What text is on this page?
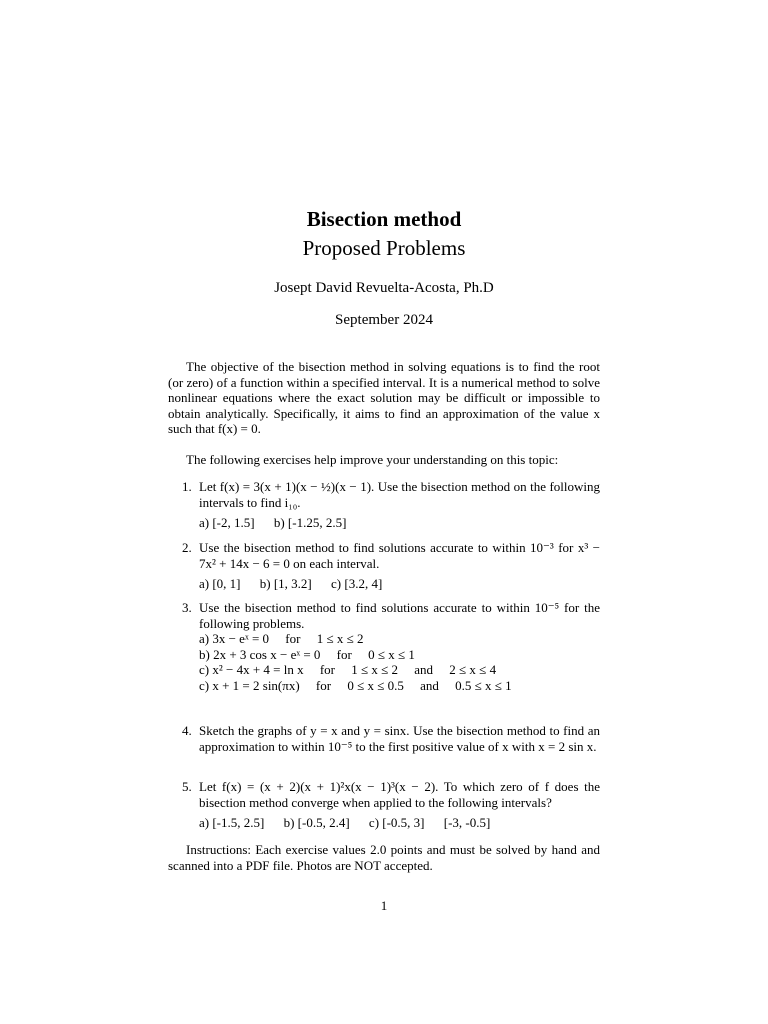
Bisection method
Proposed Problems
Josept David Revuelta-Acosta, Ph.D
September 2024
The objective of the bisection method in solving equations is to find the root (or zero) of a function within a specified interval. It is a numerical method to solve nonlinear equations where the exact solution may be difficult or impossible to obtain analytically. Specifically, it aims to find an approximation of the value x such that f(x) = 0.
The following exercises help improve your understanding on this topic:
1. Let f(x) = 3(x + 1)(x − ½)(x − 1). Use the bisection method on the following intervals to find i₁₀.
a) [-2, 1.5] b) [-1.25, 2.5]
2. Use the bisection method to find solutions accurate to within 10⁻³ for x³ − 7x² + 14x − 6 = 0 on each interval.
a) [0, 1] b) [1, 3.2] c) [3.2, 4]
3. Use the bisection method to find solutions accurate to within 10⁻⁵ for the following problems.
a) 3x − eˣ = 0     for     1 ≤ x ≤ 2
b) 2x + 3 cos x − eˣ = 0     for     0 ≤ x ≤ 1
c) x² − 4x + 4 = ln x     for     1 ≤ x ≤ 2     and     2 ≤ x ≤ 4
c) x + 1 = 2 sin(πx)     for     0 ≤ x ≤ 0.5     and     0.5 ≤ x ≤ 1
4. Sketch the graphs of y = x and y = sinx. Use the bisection method to find an approximation to within 10⁻⁵ to the first positive value of x with x = 2 sin x.
5. Let f(x) = (x + 2)(x + 1)²x(x − 1)³(x − 2). To which zero of f does the bisection method converge when applied to the following intervals?
a) [-1.5, 2.5] b) [-0.5, 2.4] c) [-0.5, 3] [-3, -0.5]
Instructions: Each exercise values 2.0 points and must be solved by hand and scanned into a PDF file. Photos are NOT accepted.
1
